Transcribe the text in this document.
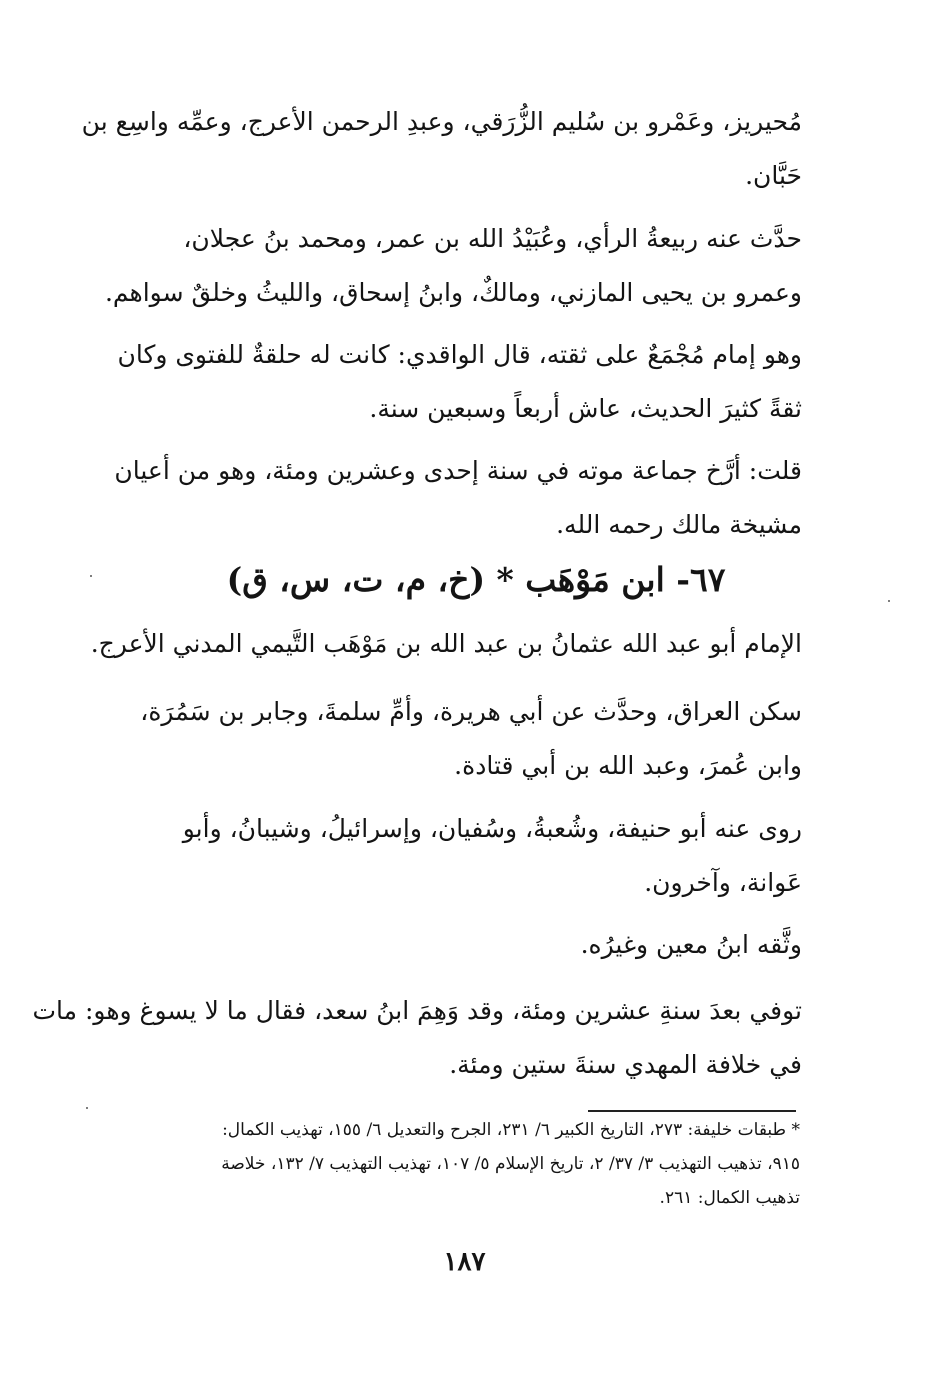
مُحيريز، وعَمْرو بن سُليم الزُّرَقي، وعبدِ الرحمن الأعرج، وعمِّه واسِع بن
حَبَّان.
حدَّث عنه ربيعةُ الرأي، وعُبَيْدُ الله بن عمر، ومحمد بنُ عجلان،
وعمرو بن يحيى المازني، ومالكٌ، وابنُ إسحاق، والليثُ وخلقٌ سواهم.
وهو إمام مُجْمَعٌ على ثقته، قال الواقدي: كانت له حلقةٌ للفتوى وكان
ثقةً كثيرَ الحديث، عاش أربعاً وسبعين سنة.
قلت: أرَّخ جماعة موته في سنة إحدى وعشرين ومئة، وهو من أعيان
مشيخة مالك رحمه الله.
٦٧- ابن مَوْهَب * (خ، م، ت، س، ق)
الإمام أبو عبد الله عثمانُ بن عبد الله بن مَوْهَب التَّيمي المدني الأعرج.
سكن العراق، وحدَّث عن أبي هريرة، وأمِّ سلمةَ، وجابر بن سَمُرَة،
وابن عُمرَ، وعبد الله بن أبي قتادة.
روى عنه أبو حنيفة، وشُعبةُ، وسُفيان، وإسرائيلُ، وشيبانُ، وأبو
عَوانة، وآخرون.
وثَّقه ابنُ معين وغيرُه.
توفي بعدَ سنةِ عشرين ومئة، وقد وَهِمَ ابنُ سعد، فقال ما لا يسوغ وهو: مات
في خلافة المهدي سنةَ ستين ومئة.
* طبقات خليفة: ٢٧٣، التاريخ الكبير ٦/ ٢٣١، الجرح والتعديل ٦/ ١٥٥، تهذيب الكمال:
٩١٥، تذهيب التهذيب ٣/ ٣٧/ ٢، تاريخ الإسلام ٥/ ١٠٧، تهذيب التهذيب ٧/ ١٣٢، خلاصة
تذهيب الكمال: ٢٦١.
١٨٧
